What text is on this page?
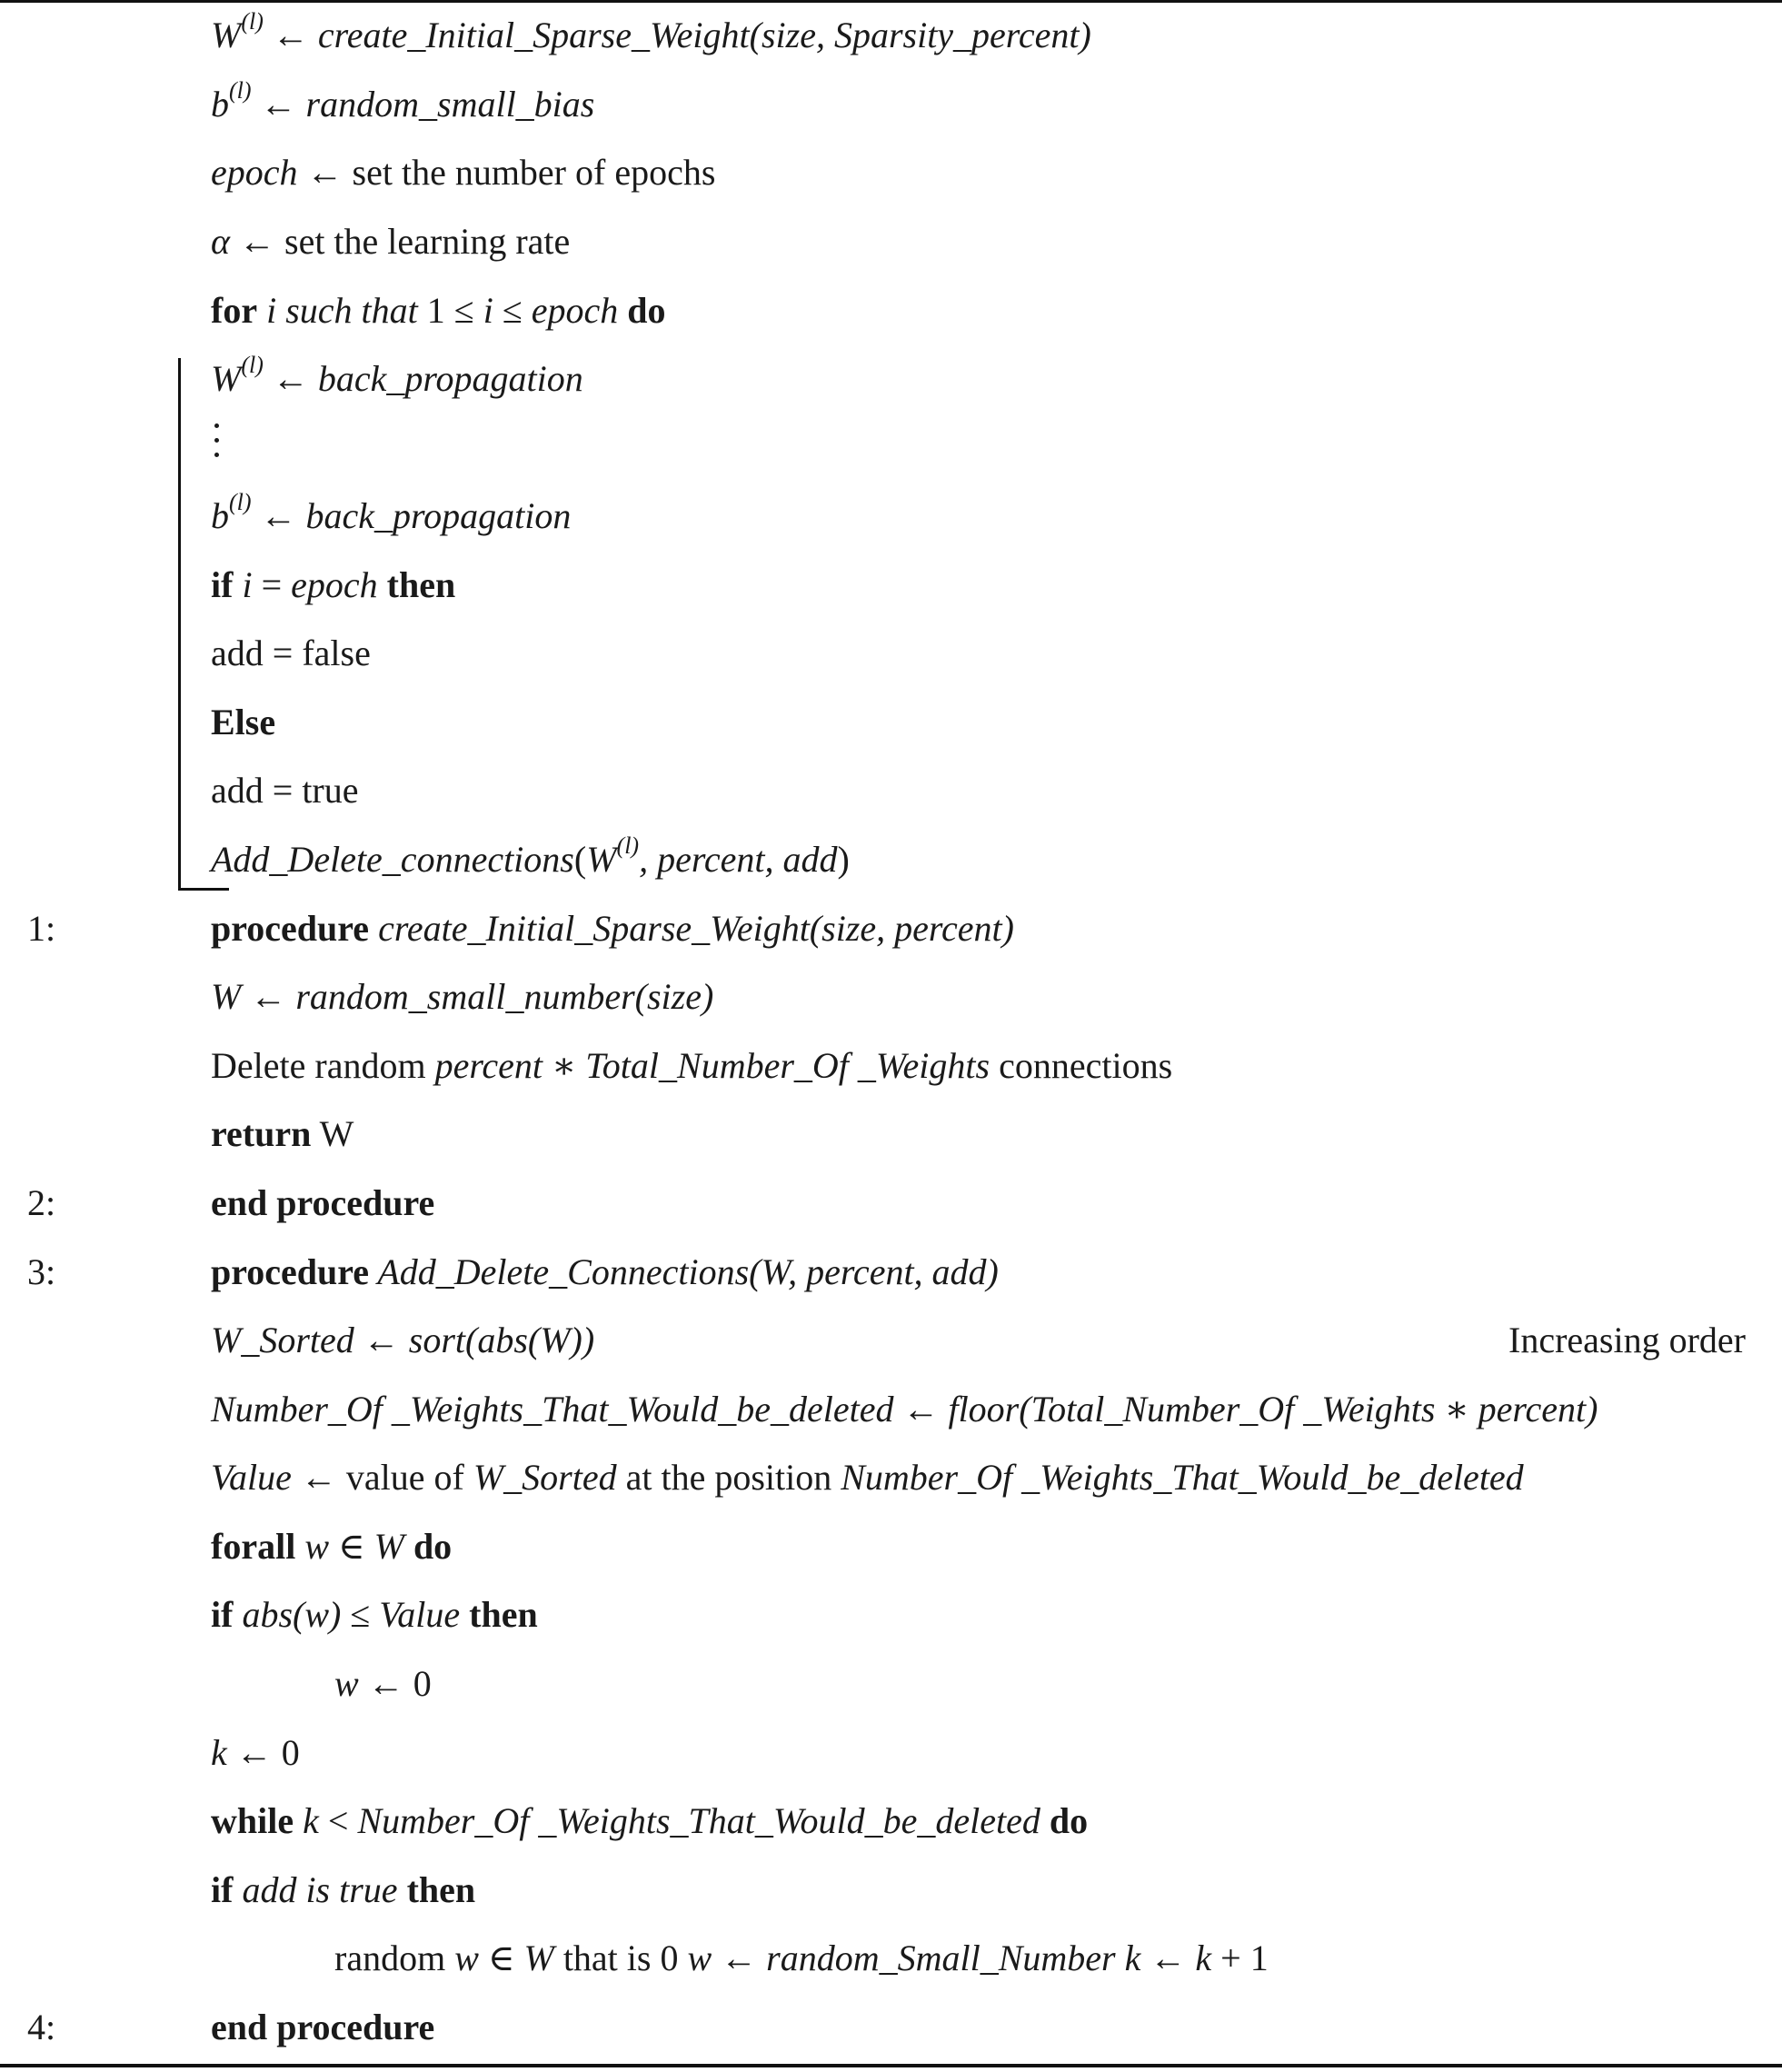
$W^{(l)}$ ← create_Initial_Sparse_Weight(size, Sparsity_percent)
$b^{(l)}$ ← random_small_bias
epoch ← set the number of epochs
α ← set the learning rate
for i such that 1 ≤ i ≤ epoch do
$W^{(l)}$ ← back_propagation
$b^{(l)}$ ← back_propagation
if i = epoch then
add = false
Else
add = true
$Add\_Delete\_connections(W^{(l)}$, percent, add)
1:	procedure create_Initial_Sparse_Weight(size, percent)
W ← random_small_number(size)
Delete random percent ∗ Total_Number_Of _Weights connections
return W
2:	end procedure
3:	procedure Add_Delete_Connections(W, percent, add)
W_Sorted ← sort(abs(W))	Increasing order
Number_Of _Weights_That_Would_be_deleted ← floor(Total_Number_Of _Weights ∗ percent)
Value ← value of W_Sorted at the position Number_Of _Weights_That_Would_be_deleted
forall w ∈ W do
if abs(w) ≤ Value then
w ← 0
k ← 0
while k < Number_Of _Weights_That_Would_be_deleted do
if add is true then
random w ∈ W that is 0 w ← random_Small_Number k ← k + 1
4:	end procedure
